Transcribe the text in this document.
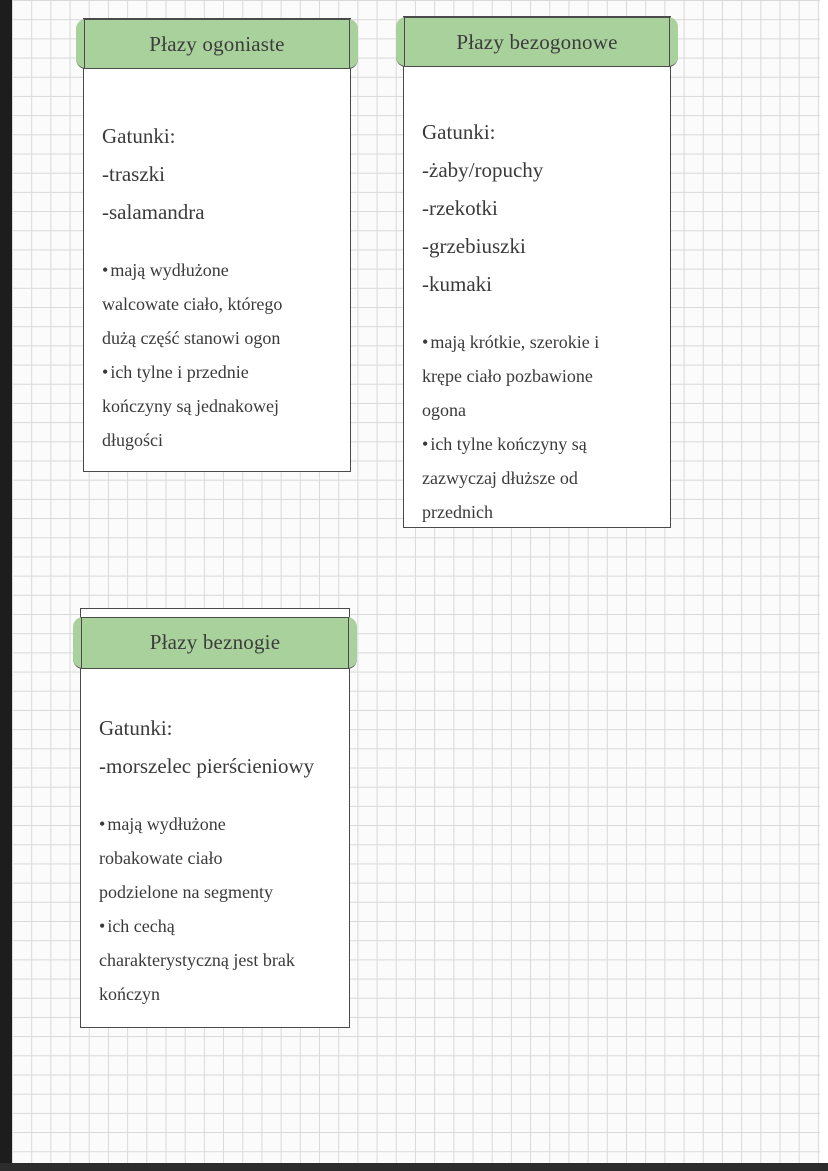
Płazy ogoniaste
Gatunki:
-traszki
-salamandra
• mają wydłużone
walcowate ciało, którego
dużą część stanowi ogon
• ich tylne i przednie
kończyny są jednakowej
długości
Płazy bezogonowe
Gatunki:
-żaby/ropuchy
-rzekotki
-grzebiuszki
-kumaki
• mają krótkie, szerokie i
krępe ciało pozbawione
ogona
• ich tylne kończyny są
zazwyczaj dłuższe od
przednich
Płazy beznogie
Gatunki:
-morszelec pierścieniowy
• mają wydłużone
robakowate ciało
podzielone na segmenty
• ich cechą
charakterystyczną jest brak
kończyn
